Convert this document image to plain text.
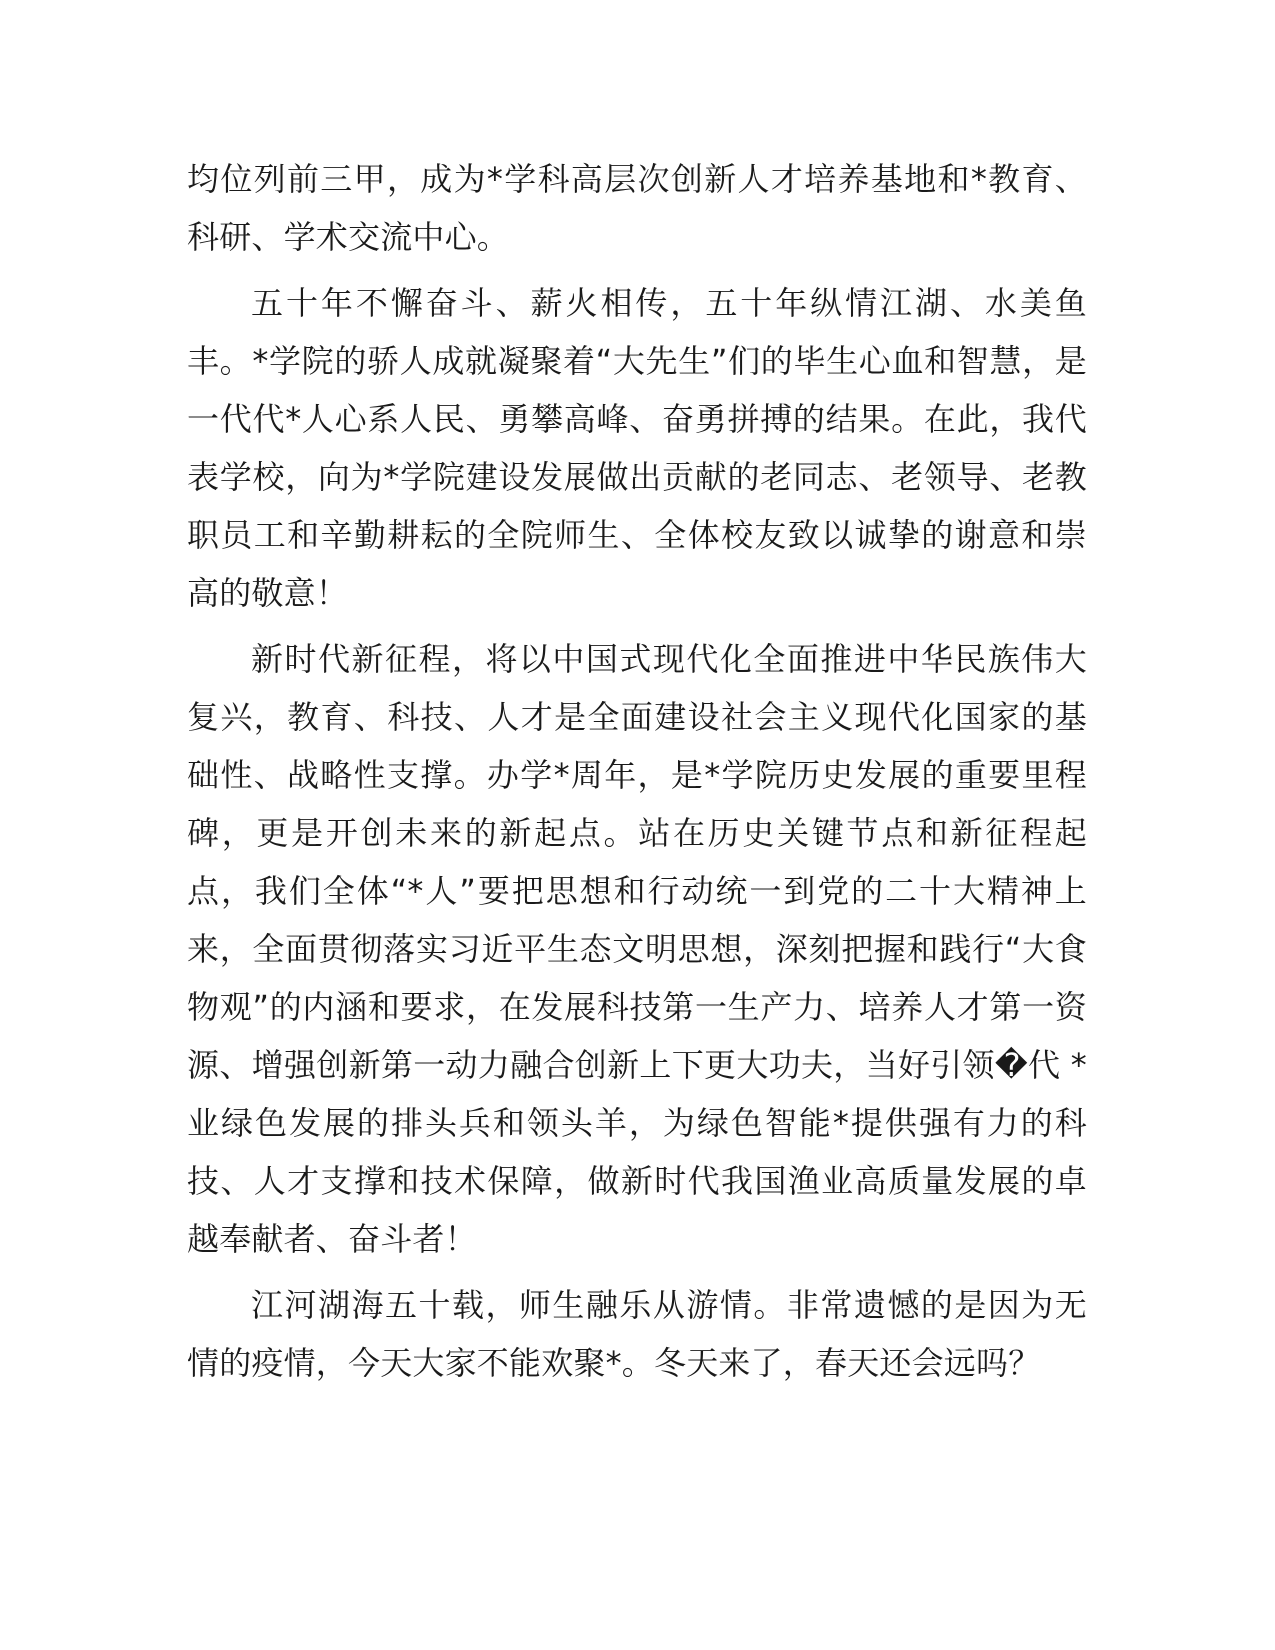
均位列前三甲，成为*学科高层次创新人才培养基地和*教育、科研、学术交流中心。

五十年不懈奋斗、薪火相传，五十年纵情江湖、水美鱼丰。*学院的骄人成就凝聚着“大先生”们的毕生心血和智慧，是一代代*人心系人民、勇攀高峰、奋勇拼搏的结果。在此，我代表学校，向为*学院建设发展做出贡献的老同志、老领导、老教职员工和辛勤耕耘的全院师生、全体校友致以诚挚的谢意和崇高的敬意！

新时代新征程，将以中国式现代化全面推进中华民族伟大复兴，教育、科技、人才是全面建设社会主义现代化国家的基础性、战略性支撑。办学*周年，是*学院历史发展的重要里程碑，更是开创未来的新起点。站在历史关键节点和新征程起点，我们全体“*人”要把思想和行动统一到党的二十大精神上来，全面贯彻落实习近平生态文明思想，深刻把握和践行“大食物观”的内涵和要求，在发展科技第一生产力、培养人才第一资源、增强创新第一动力融合创新上下更大功夫，当好引领�代 *业绿色发展的排头兵和领头羊，为绿色智能*提供强有力的科技、人才支撑和技术保障，做新时代我国渔业高质量发展的卓越奉献者、奋斗者！

江河湖海五十载，师生融乐从游情。非常遗憾的是因为无情的疫情，今天大家不能欢聚*。冬天来了，春天还会远吗？
